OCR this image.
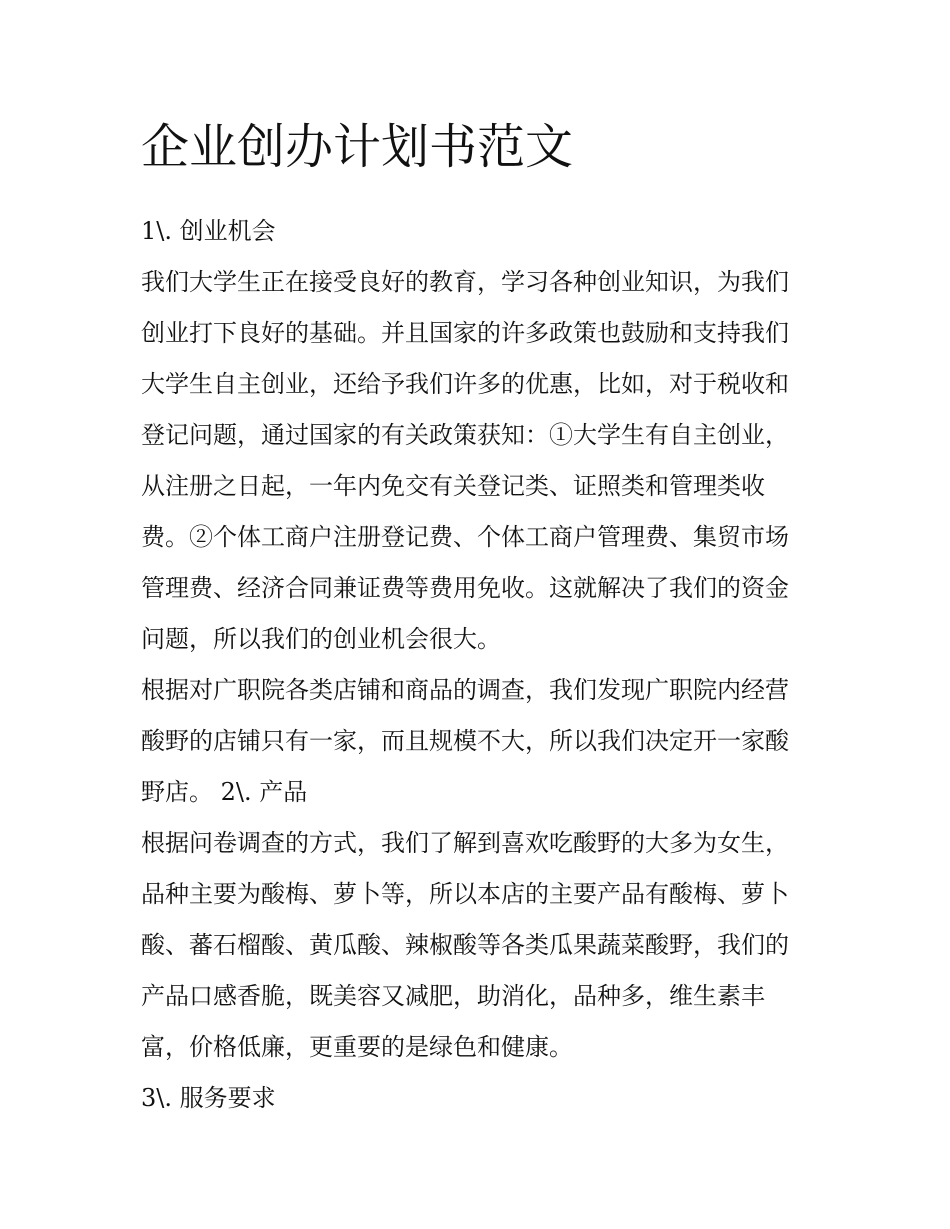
企业创办计划书范文

1\. 创业机会

我们大学生正在接受良好的教育，学习各种创业知识，为我们

创业打下良好的基础。并且国家的许多政策也鼓励和支持我们

大学生自主创业，还给予我们许多的优惠，比如，对于税收和

登记问题，通过国家的有关政策获知：①大学生有自主创业，

从注册之日起，一年内免交有关登记类、证照类和管理类收

费。②个体工商户注册登记费、个体工商户管理费、集贸市场

管理费、经济合同兼证费等费用免收。这就解决了我们的资金

问题，所以我们的创业机会很大。

根据对广职院各类店铺和商品的调查，我们发现广职院内经营

酸野的店铺只有一家，而且规模不大，所以我们决定开一家酸

野店。 2\. 产品

根据问卷调查的方式，我们了解到喜欢吃酸野的大多为女生，

品种主要为酸梅、萝卜等，所以本店的主要产品有酸梅、萝卜

酸、蕃石榴酸、黄瓜酸、辣椒酸等各类瓜果蔬菜酸野，我们的

产品口感香脆，既美容又减肥，助消化，品种多，维生素丰

富，价格低廉，更重要的是绿色和健康。

3\. 服务要求
